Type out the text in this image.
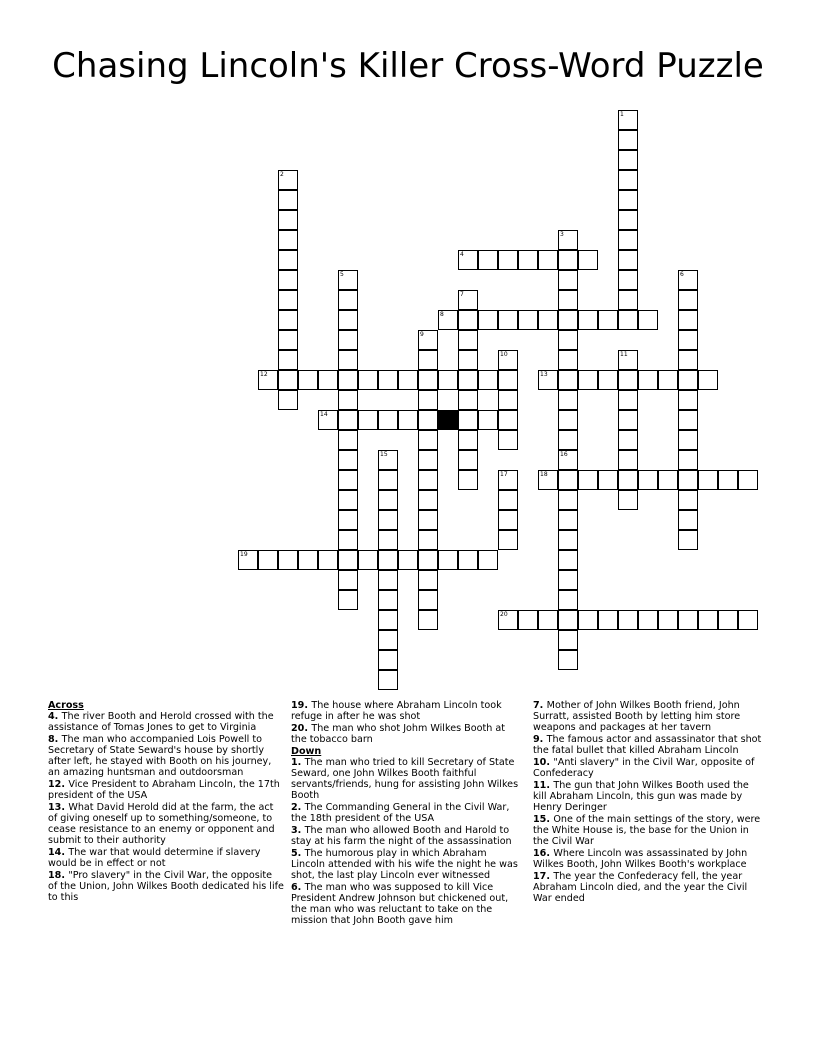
Chasing Lincoln's Killer Cross-Word Puzzle
1
2
3
16
4
5	6
7
8
9
10	11
12	13
14
15
17	18
19
20
Across
4. The river Booth and Herold crossed with the assistance of Tomas Jones to get to Virginia
8. The man who accompanied Lois Powell to Secretary of State Seward's house by shortly after left, he stayed with Booth on his journey, an amazing huntsman and outdoorsman
12. Vice President to Abraham Lincoln, the 17th president of the USA
13. What David Herold did at the farm, the act of giving oneself up to something/someone, to cease resistance to an enemy or opponent and submit to their authority
14. The war that would determine if slavery would be in effect or not
18. "Pro slavery" in the Civil War, the opposite of the Union, John Wilkes Booth dedicated his life to this
19. The house where Abraham Lincoln took refuge in after he was shot
20. The man who shot Johm Wilkes Booth at the tobacco barn
Down
1. The man who tried to kill Secretary of State Seward, one John Wilkes Booth faithful servants/friends, hung for assisting John Wilkes Booth
2. The Commanding General in the Civil War, the 18th president of the USA
3. The man who allowed Booth and Harold to stay at his farm the night of the assassination
5. The humorous play in which Abraham Lincoln attended with his wife the night he was shot, the last play Lincoln ever witnessed
6. The man who was supposed to kill Vice President Andrew Johnson but chickened out, the man who was reluctant to take on the mission that John Booth gave him
7. Mother of John Wilkes Booth friend, John Surratt, assisted Booth by letting him store weapons and packages at her tavern
9. The famous actor and assassinator that shot the fatal bullet that killed Abraham Lincoln
10. "Anti slavery" in the Civil War, opposite of Confederacy
11. The gun that John Wilkes Booth used the kill Abraham Lincoln, this gun was made by Henry Deringer
15. One of the main settings of the story, were the White House is, the base for the Union in the Civil War
16. Where Lincoln was assassinated by John Wilkes Booth, John Wilkes Booth's workplace
17. The year the Confederacy fell, the year Abraham Lincoln died, and the year the Civil War ended
